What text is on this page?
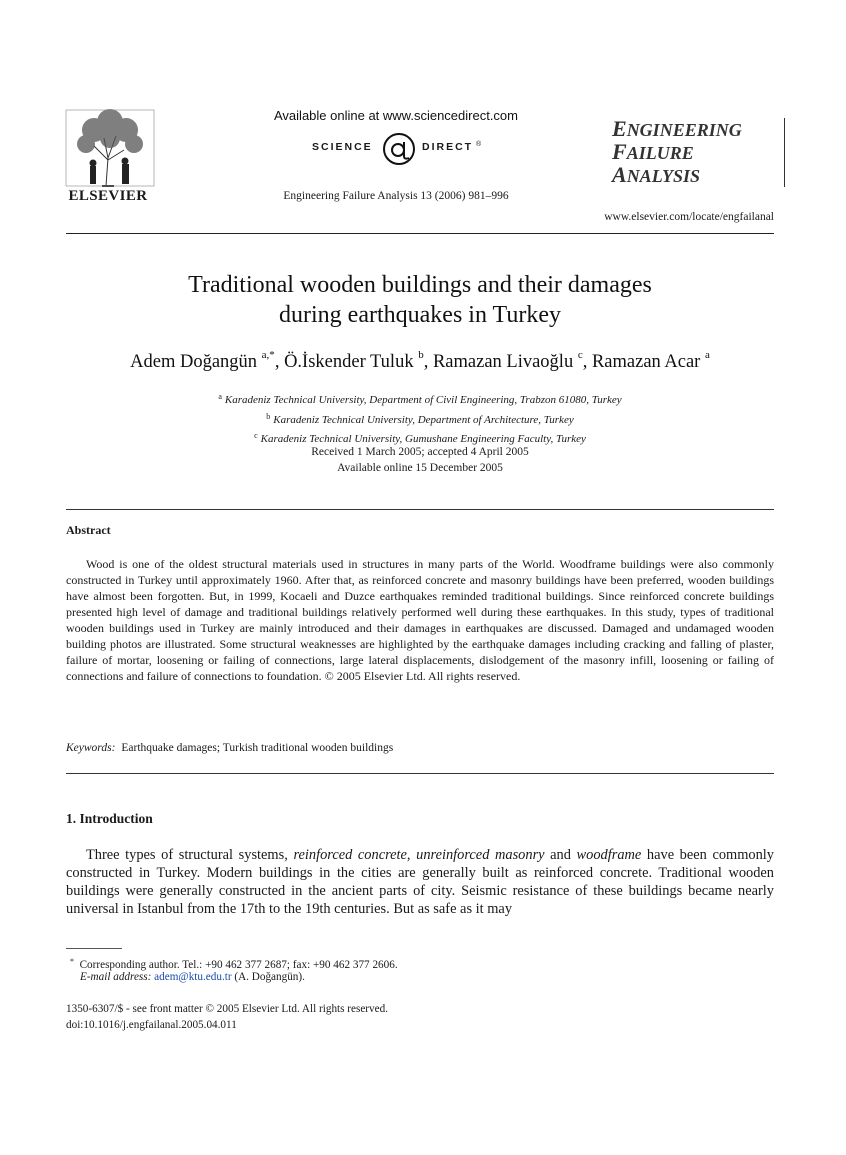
ELSEVIER
Available online at www.sciencedirect.com
SCIENCE	DIRECT ®
Engineering Failure Analysis 13 (2006) 981–996
ENGINEERING
FAILURE
ANALYSIS
www.elsevier.com/locate/engfailanal
Traditional wooden buildings and their damages
during earthquakes in Turkey
Adem Doğangün $^{a,*}$, Ö.İskender Tuluk $^b$, Ramazan Livaoğlu $^c$, Ramazan Acar $^a$
$^a$ Karadeniz Technical University, Department of Civil Engineering, Trabzon 61080, Turkey
$^b$ Karadeniz Technical University, Department of Architecture, Turkey
$^c$ Karadeniz Technical University, Gumushane Engineering Faculty, Turkey
Received 1 March 2005; accepted 4 April 2005
Available online 15 December 2005
Abstract
Wood is one of the oldest structural materials used in structures in many parts of the World. Woodframe buildings were also commonly constructed in Turkey until approximately 1960. After that, as reinforced concrete and masonry buildings have been preferred, wooden buildings have almost been forgotten. But, in 1999, Kocaeli and Duzce earthquakes reminded traditional buildings. Since reinforced concrete buildings presented high level of damage and traditional buildings relatively performed well during these earthquakes. In this study, types of traditional wooden buildings used in Turkey are mainly introduced and their damages in earthquakes are discussed. Damaged and undamaged wooden building photos are illustrated. Some structural weaknesses are highlighted by the earthquake damages including cracking and falling of plaster, failure of mortar, loosening or failing of connections, large lateral displacements, dislodgement of the masonry infill, loosening or failing of connections and failure of connections to foundation. © 2005 Elsevier Ltd. All rights reserved.
Keywords: Earthquake damages; Turkish traditional wooden buildings
1. Introduction
Three types of structural systems, reinforced concrete, unreinforced masonry and woodframe have been commonly constructed in Turkey. Modern buildings in the cities are generally built as reinforced concrete. Traditional wooden buildings were generally constructed in the ancient parts of city. Seismic resistance of these buildings became nearly universal in Istanbul from the 17th to the 19th centuries. But as safe as it may
* Corresponding author. Tel.: +90 462 377 2687; fax: +90 462 377 2606.
E-mail address: adem@ktu.edu.tr (A. Doğangün).
1350-6307/$ - see front matter © 2005 Elsevier Ltd. All rights reserved.
doi:10.1016/j.engfailanal.2005.04.011
